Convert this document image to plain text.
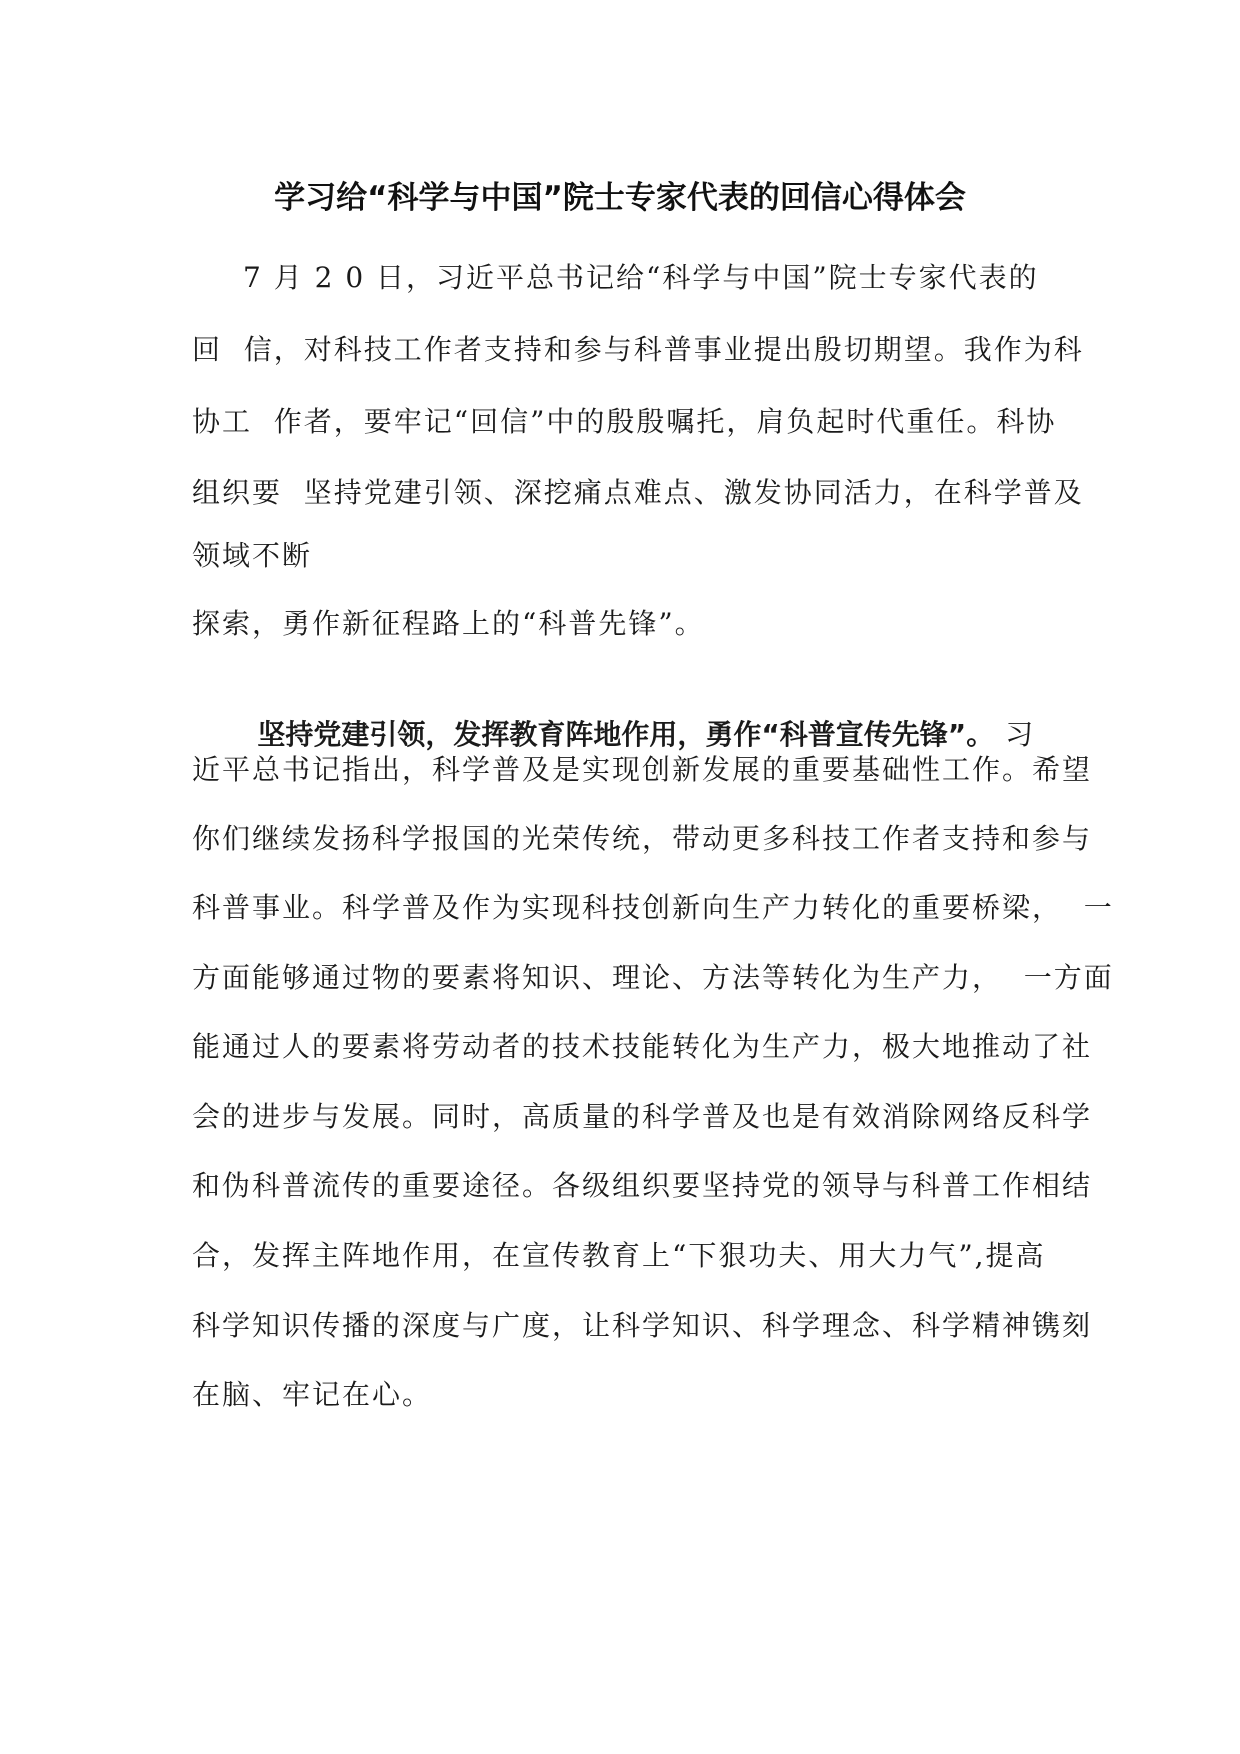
学习给“科学与中国”院士专家代表的回信心得体会
7 月 2 0 日，习近平总书记给“科学与中国”院士专家代表的
回  信，对科技工作者支持和参与科普事业提出殷切期望。我作为科
协工  作者，要牢记“回信”中的殷殷嘱托，肩负起时代重任。科协
组织要  坚持党建引领、深挖痛点难点、激发协同活力，在科学普及
领域不断
探索，勇作新征程路上的“科普先锋”。

坚持党建引领，发挥教育阵地作用，勇作“科普宣传先锋”。 习

近平总书记指出，科学普及是实现创新发展的重要基础性工作。希望
你们继续发扬科学报国的光荣传统，带动更多科技工作者支持和参与
科普事业。科学普及作为实现科技创新向生产力转化的重要桥梁，  一
方面能够通过物的要素将知识、理论、方法等转化为生产力，  一方面
能通过人的要素将劳动者的技术技能转化为生产力，极大地推动了社
会的进步与发展。同时，高质量的科学普及也是有效消除网络反科学
和伪科普流传的重要途径。各级组织要坚持党的领导与科普工作相结
合，发挥主阵地作用，在宣传教育上“下狠功夫、用大力气”,提高
科学知识传播的深度与广度，让科学知识、科学理念、科学精神镌刻
在脑、牢记在心。
